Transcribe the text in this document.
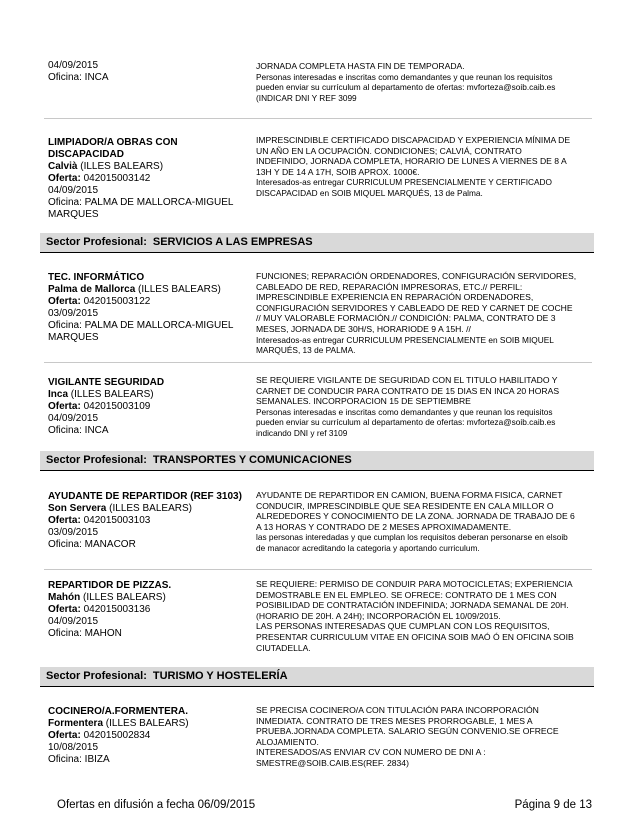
04/09/2015
Oficina: INCA
JORNADA COMPLETA HASTA FIN DE TEMPORADA.
Personas interesadas e inscritas como demandantes y que reunan los requisitos
pueden enviar su currículum al departamento de ofertas: mvforteza@soib.caib.es
(INDICAR DNI Y REF 3099
LIMPIADOR/A OBRAS CON DISCAPACIDAD
Calvià (ILLES BALEARS)
Oferta: 042015003142
04/09/2015
Oficina: PALMA DE MALLORCA-MIGUEL MARQUES
IMPRESCINDIBLE CERTIFICADO DISCAPACIDAD Y EXPERIENCIA MÍNIMA DE
UN AÑO EN LA OCUPACIÓN. CONDICIONES; CALVIÁ, CONTRATO
INDEFINIDO, JORNADA COMPLETA, HORARIO DE LUNES A VIERNES DE 8 A
13H Y DE 14 A 17H, SOIB APROX. 1000€.
Interesados-as entregar CURRICULUM PRESENCIALMENTE Y CERTIFICADO
DISCAPACIDAD en SOIB MIQUEL MARQUÉS, 13 de Palma.
Sector Profesional: SERVICIOS A LAS EMPRESAS
TEC. INFORMÁTICO
Palma de Mallorca (ILLES BALEARS)
Oferta: 042015003122
03/09/2015
Oficina: PALMA DE MALLORCA-MIGUEL MARQUES
FUNCIONES; REPARACIÓN ORDENADORES, CONFIGURACIÓN SERVIDORES,
CABLEADO DE RED, REPARACIÓN IMPRESORAS, ETC.// PERFIL:
IMPRESCINDIBLE EXPERIENCIA EN REPARACIÓN ORDENADORES,
CONFIGURACIÓN SERVIDORES Y CABLEADO DE RED Y CARNET DE COCHE
// MUY VALORABLE FORMACIÓN.// CONDICIÓN: PALMA, CONTRATO DE 3
MESES, JORNADA DE 30H/S, HORARIODE 9 A 15H. //
Interesados-as entregar CURRICULUM PRESENCIALMENTE en SOIB MIQUEL
MARQUÉS, 13 de PALMA.
VIGILANTE SEGURIDAD
Inca (ILLES BALEARS)
Oferta: 042015003109
04/09/2015
Oficina: INCA
SE REQUIERE VIGILANTE DE SEGURIDAD CON EL TITULO HABILITADO Y
CARNET DE CONDUCIR PARA CONTRATO DE 15 DIAS EN INCA 20 HORAS
SEMANALES. INCORPORACION 15 DE SEPTIEMBRE
Personas interesadas e inscritas como demandantes y que reunan los requisitos
pueden enviar su currículum al departamento de ofertas: mvforteza@soib.caib.es
indicando DNI y ref 3109
Sector Profesional: TRANSPORTES Y COMUNICACIONES
AYUDANTE DE REPARTIDOR (REF 3103)
Son Servera (ILLES BALEARS)
Oferta: 042015003103
03/09/2015
Oficina: MANACOR
AYUDANTE DE REPARTIDOR EN CAMION, BUENA FORMA FISICA, CARNET
CONDUCIR, IMPRESCINDIBLE QUE SEA RESIDENTE EN CALA MILLOR O
ALREDEDORES Y CONOCIMIENTO DE LA ZONA. JORNADA DE TRABAJO DE 6
A 13 HORAS Y CONTRADO DE 2 MESES APROXIMADAMENTE.
las personas interedadas y que cumplan los requisitos deberan personarse en elsoib
de manacor acreditando la categoria y aportando curriculum.
REPARTIDOR DE PIZZAS.
Mahón (ILLES BALEARS)
Oferta: 042015003136
04/09/2015
Oficina: MAHON
SE REQUIERE: PERMISO DE CONDUIR PARA MOTOCICLETAS; EXPERIENCIA
DEMOSTRABLE EN EL EMPLEO. SE OFRECE: CONTRATO DE 1 MES CON
POSIBILIDAD DE CONTRATACIÓN INDEFINIDA; JORNADA SEMANAL DE 20H.
(HORARIO DE 20H. A 24H); INCORPORACIÓN EL 10/09/2015.
LAS PERSONAS INTERESADAS QUE CUMPLAN CON LOS REQUISITOS,
PRESENTAR CURRICULUM VITAE EN OFICINA SOIB MAÓ Ó EN OFICINA SOIB
CIUTADELLA.
Sector Profesional: TURISMO Y HOSTELERÍA
COCINERO/A.FORMENTERA.
Formentera (ILLES BALEARS)
Oferta: 042015002834
10/08/2015
Oficina: IBIZA
SE PRECISA COCINERO/A CON TITULACIÓN PARA INCORPORACIÓN
INMEDIATA. CONTRATO DE TRES MESES PRORROGABLE, 1 MES A
PRUEBA.JORNADA COMPLETA. SALARIO SEGÚN CONVENIO.SE OFRECE
ALOJAMIENTO.
INTERESADOS/AS ENVIAR CV CON NUMERO DE DNI A :
SMESTRE@SOIB.CAIB.ES(REF. 2834)
Ofertas en difusión a fecha 06/09/2015	Página 9 de 13
